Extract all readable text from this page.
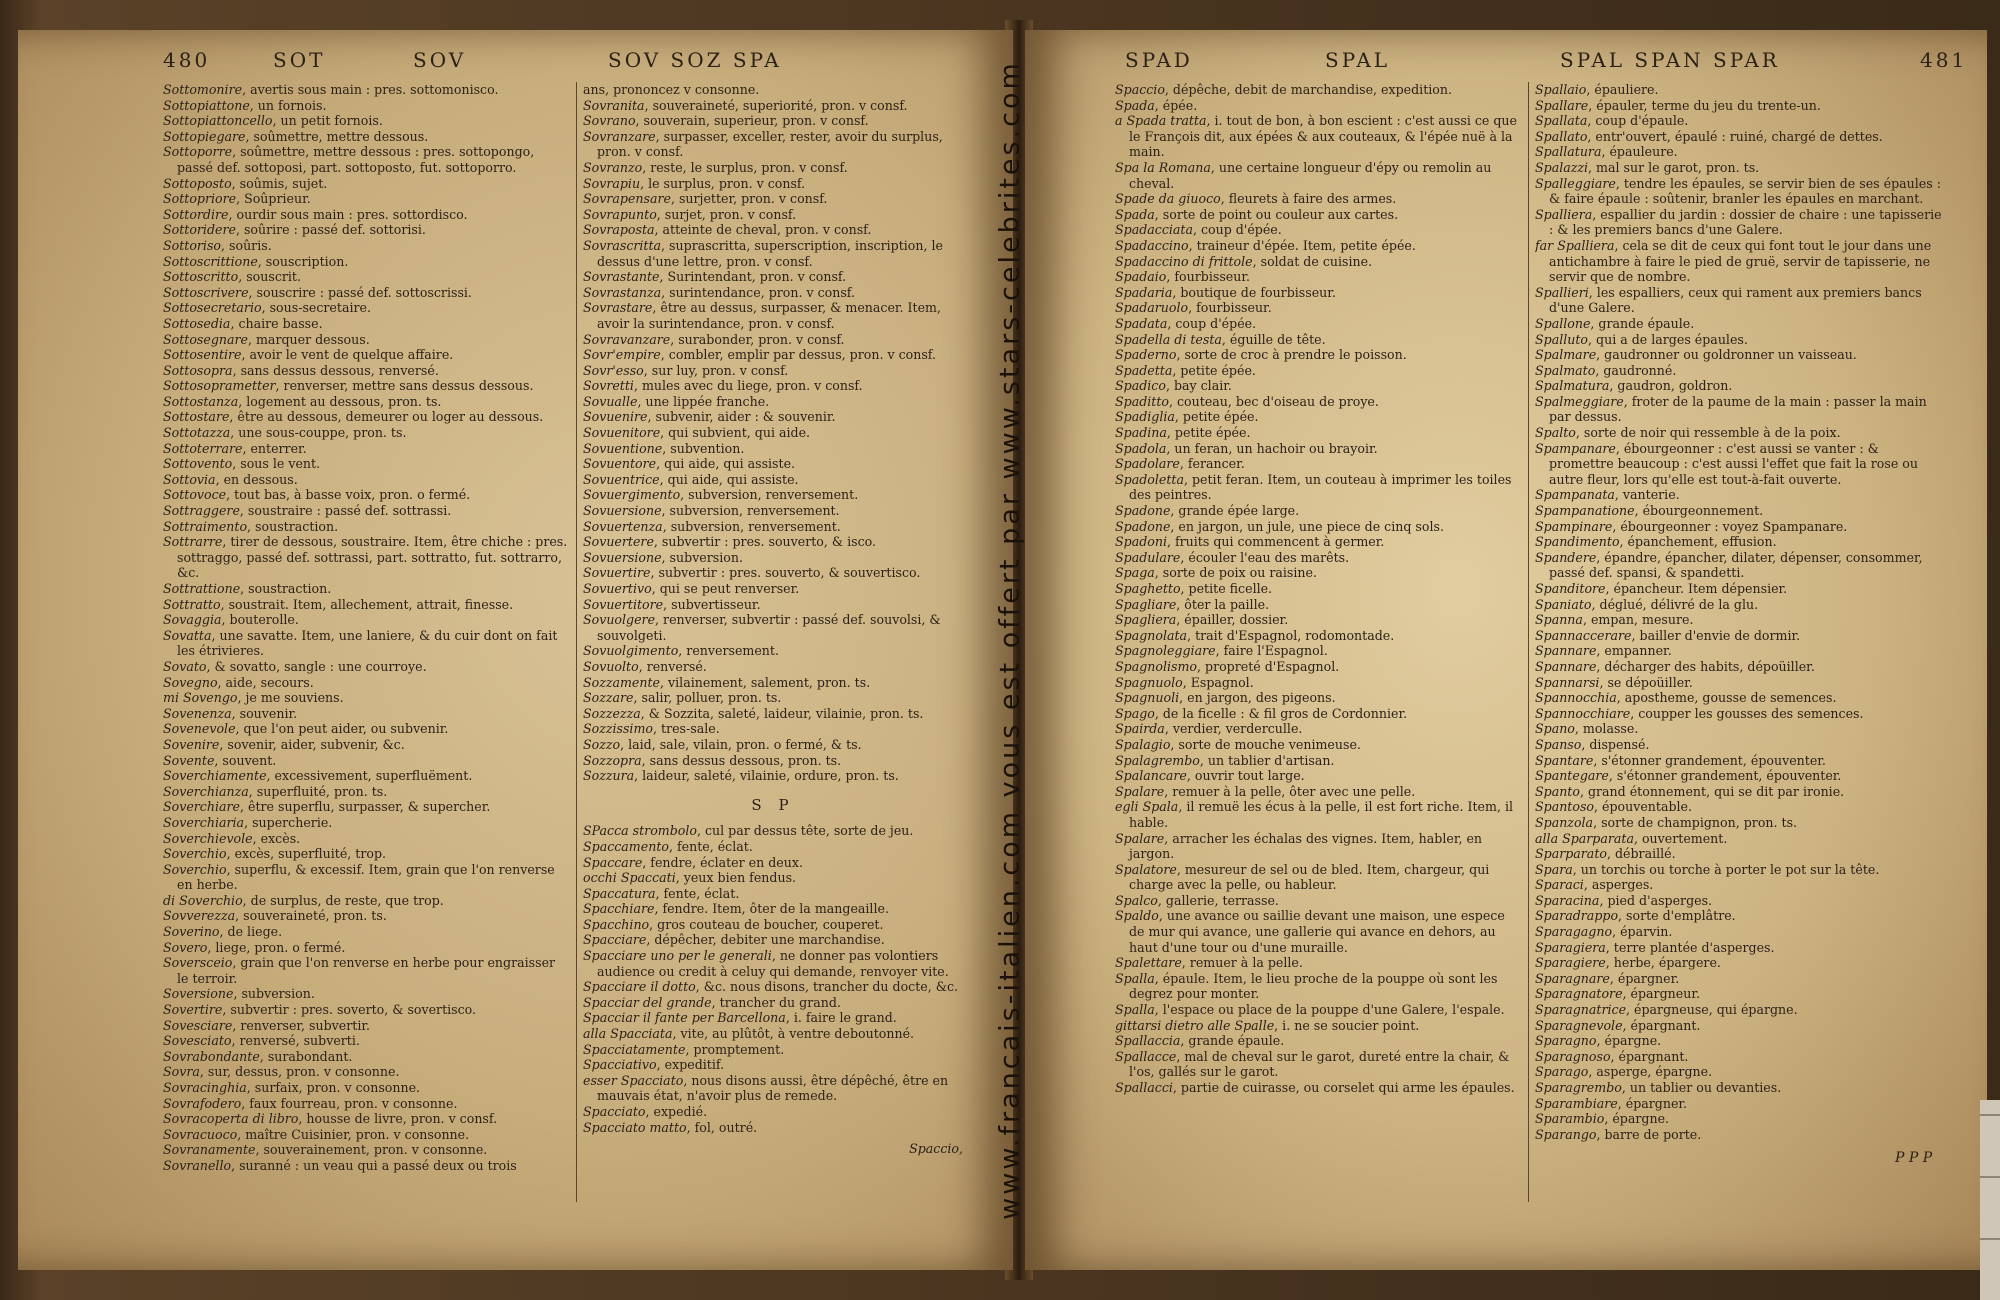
480	SOT	SOV	SOV SOZ SPA

Sottomonire, avertis sous main : pres. sottomonisco.

Sottopiattone, un fornois.

Sottopiattoncello, un petit fornois.

Sottopiegare, soûmettre, mettre dessous.

Sottoporre, soûmettre, mettre dessous : pres. sottopongo, passé def. sottoposi, part. sottoposto, fut. sottoporro.

Sottoposto, soûmis, sujet.

Sottopriore, Soûprieur.

Sottordire, ourdir sous main : pres. sottordisco.

Sottoridere, soûrire : passé def. sottorisi.

Sottoriso, soûris.

Sottoscrittione, souscription.

Sottoscritto, souscrit.

Sottoscrivere, souscrire : passé def. sottoscrissi.

Sottosecretario, sous-secretaire.

Sottosedia, chaire basse.

Sottosegnare, marquer dessous.

Sottosentire, avoir le vent de quelque affaire.

Sottosopra, sans dessus dessous, renversé.

Sottosoprametter, renverser, mettre sans dessus dessous.

Sottostanza, logement au dessous, pron. ts.

Sottostare, être au dessous, demeurer ou loger au dessous.

Sottotazza, une sous-couppe, pron. ts.

Sottoterrare, enterrer.

Sottovento, sous le vent.

Sottovia, en dessous.

Sottovoce, tout bas, à basse voix, pron. o fermé.

Sottraggere, soustraire : passé def. sottrassi.

Sottraimento, soustraction.

Sottrarre, tirer de dessous, soustraire. Item, être chiche : pres. sottraggo, passé def. sottrassi, part. sottratto, fut. sottrarro, &c.

Sottrattione, soustraction.

Sottratto, soustrait. Item, allechement, attrait, finesse.

Sovaggia, bouterolle.

Sovatta, une savatte. Item, une laniere, & du cuir dont on fait les étrivieres.

Sovato, & sovatto, sangle : une courroye.

Sovegno, aide, secours.

mi Sovengo, je me souviens.

Sovenenza, souvenir.

Sovenevole, que l'on peut aider, ou subvenir.

Sovenire, sovenir, aider, subvenir, &c.

Sovente, souvent.

Soverchiamente, excessivement, superfluëment.

Soverchianza, superfluité, pron. ts.

Soverchiare, être superflu, surpasser, & supercher.

Soverchiaria, supercherie.

Soverchievole, excès.

Soverchio, excès, superfluité, trop.

Soverchio, superflu, & excessif. Item, grain que l'on renverse en herbe.

di Soverchio, de surplus, de reste, que trop.

Sovverezza, souveraineté, pron. ts.

Soverino, de liege.

Sovero, liege, pron. o fermé.

Soversceio, grain que l'on renverse en herbe pour engraisser le terroir.

Soversione, subversion.

Sovertire, subvertir : pres. soverto, & sovertisco.

Sovesciare, renverser, subvertir.

Sovesciato, renversé, subverti.

Sovrabondante, surabondant.

Sovra, sur, dessus, pron. v consonne.

Sovracinghia, surfaix, pron. v consonne.

Sovrafodero, faux fourreau, pron. v consonne.

Sovracoperta di libro, housse de livre, pron. v consf.

Sovracuoco, maître Cuisinier, pron. v consonne.

Sovranamente, souverainement, pron. v consonne.

Sovranello, suranné : un veau qui a passé deux ou trois

ans, prononcez v consonne.

Sovranita, souveraineté, superiorité, pron. v consf.

Sovrano, souverain, superieur, pron. v consf.

Sovranzare, surpasser, exceller, rester, avoir du surplus, pron. v consf.

Sovranzo, reste, le surplus, pron. v consf.

Sovrapiu, le surplus, pron. v consf.

Sovrapensare, surjetter, pron. v consf.

Sovrapunto, surjet, pron. v consf.

Sovraposta, atteinte de cheval, pron. v consf.

Sovrascritta, suprascritta, superscription, inscription, le dessus d'une lettre, pron. v consf.

Sovrastante, Surintendant, pron. v consf.

Sovrastanza, surintendance, pron. v consf.

Sovrastare, être au dessus, surpasser, & menacer. Item, avoir la surintendance, pron. v consf.

Sovravanzare, surabonder, pron. v consf.

Sovr'empire, combler, emplir par dessus, pron. v consf.

Sovr'esso, sur luy, pron. v consf.

Sovretti, mules avec du liege, pron. v consf.

Sovualle, une lippée franche.

Sovuenire, subvenir, aider : & souvenir.

Sovuenitore, qui subvient, qui aide.

Sovuentione, subvention.

Sovuentore, qui aide, qui assiste.

Sovuentrice, qui aide, qui assiste.

Sovuergimento, subversion, renversement.

Sovuersione, subversion, renversement.

Sovuertenza, subversion, renversement.

Sovuertere, subvertir : pres. souverto, & isco.

Sovuersione, subversion.

Sovuertire, subvertir : pres. souverto, & souvertisco.

Sovuertivo, qui se peut renverser.

Sovuertitore, subvertisseur.

Sovuolgere, renverser, subvertir : passé def. souvolsi, & souvolgeti.

Sovuolgimento, renversement.

Sovuolto, renversé.

Sozzamente, vilainement, salement, pron. ts.

Sozzare, salir, polluer, pron. ts.

Sozzezza, & Sozzita, saleté, laideur, vilainie, pron. ts.

Sozzissimo, tres-sale.

Sozzo, laid, sale, vilain, pron. o fermé, & ts.

Sozzopra, sans dessus dessous, pron. ts.

Sozzura, laideur, saleté, vilainie, ordure, pron. ts.

S P

SPacca strombolo, cul par dessus tête, sorte de jeu.

Spaccamento, fente, éclat.

Spaccare, fendre, éclater en deux.

occhi Spaccati, yeux bien fendus.

Spaccatura, fente, éclat.

Spacchiare, fendre. Item, ôter de la mangeaille.

Spacchino, gros couteau de boucher, couperet.

Spacciare, dépêcher, debiter une marchandise.

Spacciare uno per le generali, ne donner pas volontiers audience ou credit à celuy qui demande, renvoyer vite.

Spacciare il dotto, &c. nous disons, trancher du docte, &c.

Spacciar del grande, trancher du grand.

Spacciar il fante per Barcellona, i. faire le grand.

alla Spacciata, vite, au plûtôt, à ventre deboutonné.

Spacciatamente, promptement.

Spacciativo, expeditif.

esser Spacciato, nous disons aussi, être dépêché, être en mauvais état, n'avoir plus de remede.

Spacciato, expedié.

Spacciato matto, fol, outré.

Spaccio,
SPAD	SPAL	SPAL SPAN SPAR	481

Spaccio, dépêche, debit de marchandise, expedition.

Spada, épée.

a Spada tratta, i. tout de bon, à bon escient : c'est aussi ce que le François dit, aux épées & aux couteaux, & l'épée nuë à la main.

Spa la Romana, une certaine longueur d'épy ou remolin au cheval.

Spade da giuoco, fleurets à faire des armes.

Spada, sorte de point ou couleur aux cartes.

Spadacciata, coup d'épée.

Spadaccino, traineur d'épée. Item, petite épée.

Spadaccino di frittole, soldat de cuisine.

Spadaio, fourbisseur.

Spadaria, boutique de fourbisseur.

Spadaruolo, fourbisseur.

Spadata, coup d'épée.

Spadella di testa, éguille de tête.

Spaderno, sorte de croc à prendre le poisson.

Spadetta, petite épée.

Spadico, bay clair.

Spaditto, couteau, bec d'oiseau de proye.

Spadiglia, petite épée.

Spadina, petite épée.

Spadola, un feran, un hachoir ou brayoir.

Spadolare, ferancer.

Spadoletta, petit feran. Item, un couteau à imprimer les toiles des peintres.

Spadone, grande épée large.

Spadone, en jargon, un jule, une piece de cinq sols.

Spadoni, fruits qui commencent à germer.

Spadulare, écouler l'eau des marêts.

Spaga, sorte de poix ou raisine.

Spaghetto, petite ficelle.

Spagliare, ôter la paille.

Spagliera, épailler, dossier.

Spagnolata, trait d'Espagnol, rodomontade.

Spagnoleggiare, faire l'Espagnol.

Spagnolismo, propreté d'Espagnol.

Spagnuolo, Espagnol.

Spagnuoli, en jargon, des pigeons.

Spago, de la ficelle : & fil gros de Cordonnier.

Spairda, verdier, verderculle.

Spalagio, sorte de mouche venimeuse.

Spalagrembo, un tablier d'artisan.

Spalancare, ouvrir tout large.

Spalare, remuer à la pelle, ôter avec une pelle.

egli Spala, il remuë les écus à la pelle, il est fort riche. Item, il hable.

Spalare, arracher les échalas des vignes. Item, habler, en jargon.

Spalatore, mesureur de sel ou de bled. Item, chargeur, qui charge avec la pelle, ou hableur.

Spalco, gallerie, terrasse.

Spaldo, une avance ou saillie devant une maison, une espece de mur qui avance, une gallerie qui avance en dehors, au haut d'une tour ou d'une muraille.

Spalettare, remuer à la pelle.

Spalla, épaule. Item, le lieu proche de la pouppe où sont les degrez pour monter.

Spalla, l'espace ou place de la pouppe d'une Galere, l'espale.

gittarsi dietro alle Spalle, i. ne se soucier point.

Spallaccia, grande épaule.

Spallacce, mal de cheval sur le garot, dureté entre la chair, & l'os, gallés sur le garot.

Spallacci, partie de cuirasse, ou corselet qui arme les épaules.

Spallaio, épauliere.

Spallare, épauler, terme du jeu du trente-un.

Spallata, coup d'épaule.

Spallato, entr'ouvert, épaulé : ruiné, chargé de dettes.

Spallatura, épauleure.

Spalazzi, mal sur le garot, pron. ts.

Spalleggiare, tendre les épaules, se servir bien de ses épaules : & faire épaule : soûtenir, branler les épaules en marchant.

Spalliera, espallier du jardin : dossier de chaire : une tapisserie : & les premiers bancs d'une Galere.

far Spalliera, cela se dit de ceux qui font tout le jour dans une antichambre à faire le pied de gruë, servir de tapisserie, ne servir que de nombre.

Spallieri, les espalliers, ceux qui rament aux premiers bancs d'une Galere.

Spallone, grande épaule.

Spalluto, qui a de larges épaules.

Spalmare, gaudronner ou goldronner un vaisseau.

Spalmato, gaudronné.

Spalmatura, gaudron, goldron.

Spalmeggiare, froter de la paume de la main : passer la main par dessus.

Spalto, sorte de noir qui ressemble à de la poix.

Spampanare, ébourgeonner : c'est aussi se vanter : & promettre beaucoup : c'est aussi l'effet que fait la rose ou autre fleur, lors qu'elle est tout-à-fait ouverte.

Spampanata, vanterie.

Spampanatione, ébourgeonnement.

Spampinare, ébourgeonner : voyez Spampanare.

Spandimento, épanchement, effusion.

Spandere, épandre, épancher, dilater, dépenser, consommer, passé def. spansi, & spandetti.

Spanditore, épancheur. Item dépensier.

Spaniato, déglué, délivré de la glu.

Spanna, empan, mesure.

Spannaccerare, bailler d'envie de dormir.

Spannare, empanner.

Spannare, décharger des habits, dépoüiller.

Spannarsi, se dépoüiller.

Spannocchia, apostheme, gousse de semences.

Spannocchiare, coupper les gousses des semences.

Spano, molasse.

Spanso, dispensé.

Spantare, s'étonner grandement, épouventer.

Spantegare, s'étonner grandement, épouventer.

Spanto, grand étonnement, qui se dit par ironie.

Spantoso, épouventable.

Spanzola, sorte de champignon, pron. ts.

alla Sparparata, ouvertement.

Sparparato, débraillé.

Spara, un torchis ou torche à porter le pot sur la tête.

Sparaci, asperges.

Sparacina, pied d'asperges.

Sparadrappo, sorte d'emplâtre.

Sparagagno, éparvin.

Sparagiera, terre plantée d'asperges.

Sparagiere, herbe, épargere.

Sparagnare, épargner.

Sparagnatore, épargneur.

Sparagnatrice, épargneuse, qui épargne.

Sparagnevole, épargnant.

Sparagno, épargne.

Sparagnoso, épargnant.

Sparago, asperge, épargne.

Sparagrembo, un tablier ou devanties.

Sparambiare, épargner.

Sparambio, épargne.

Sparango, barre de porte.

P P P
www.francais-italien.com vous est offert par www.stars-celebrites.com
